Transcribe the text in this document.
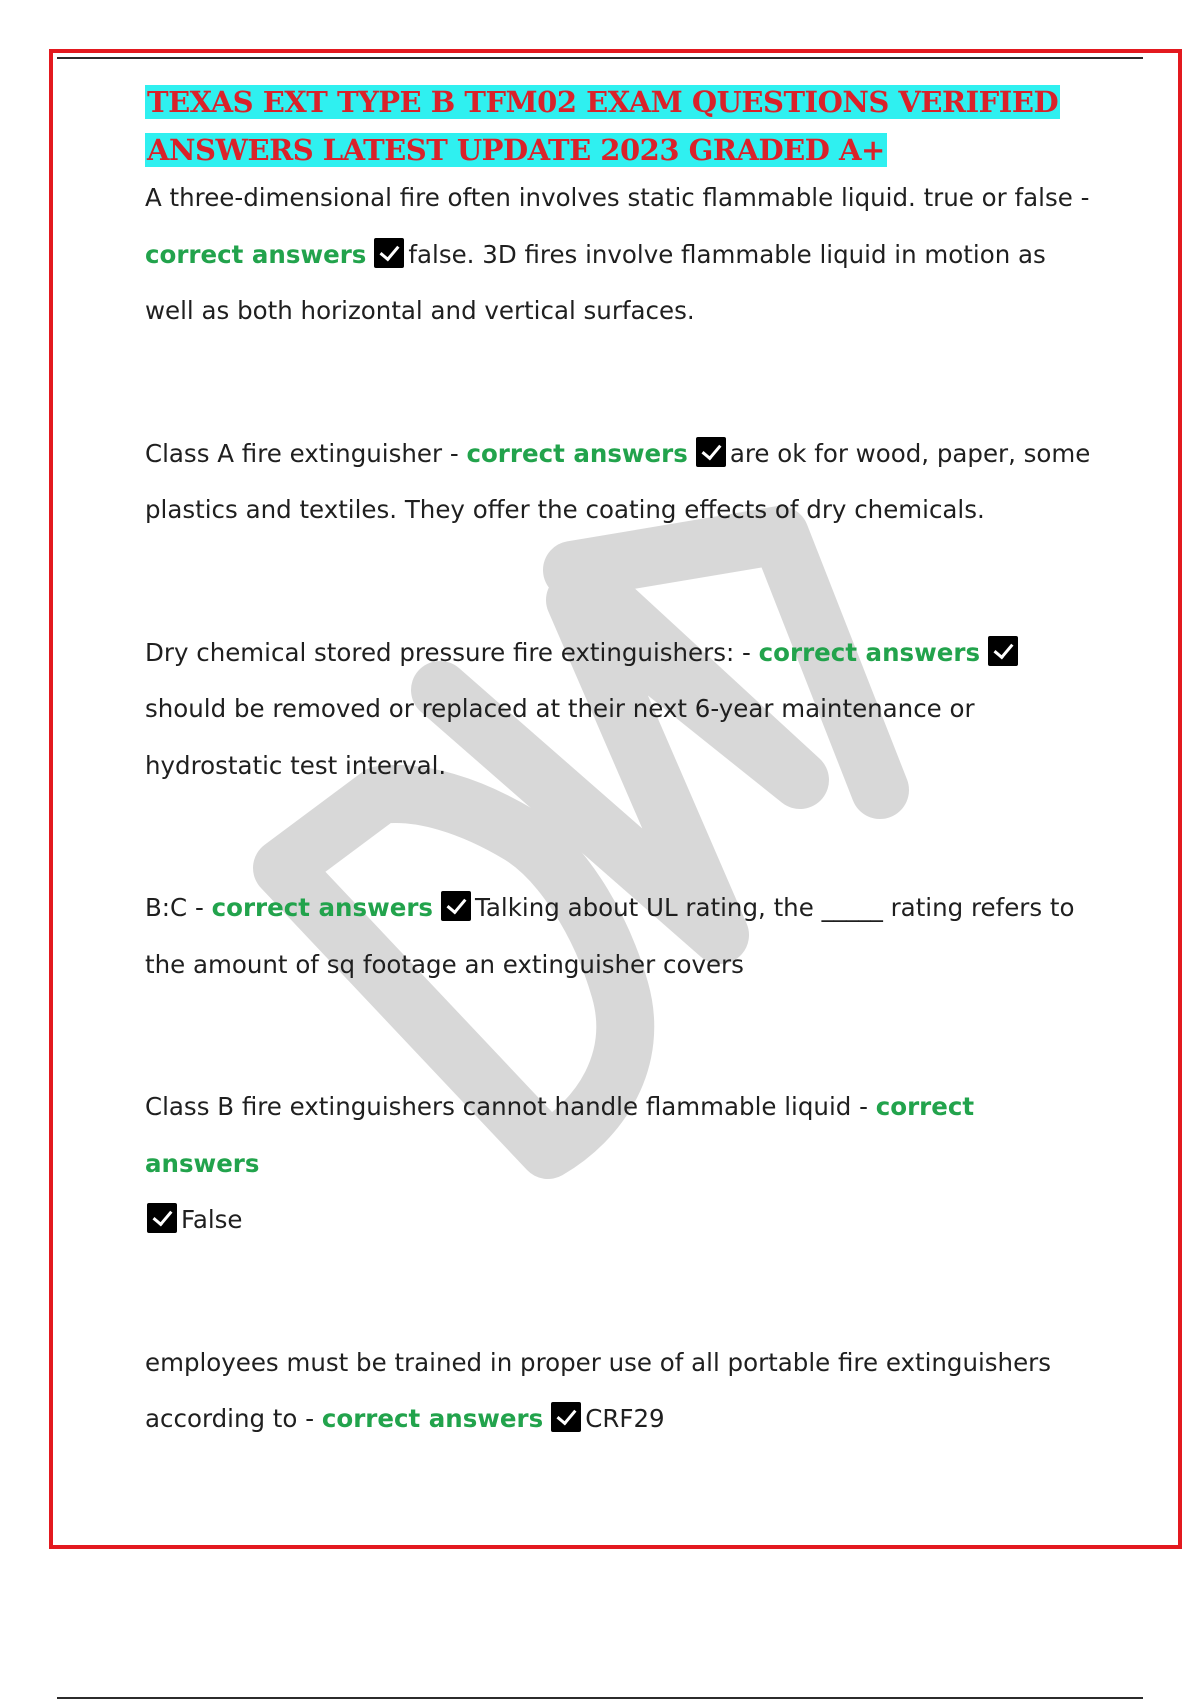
TEXAS EXT TYPE B TFM02 EXAM QUESTIONS VERIFIED ANSWERS LATEST UPDATE 2023 GRADED A+
A three-dimensional fire often involves static flammable liquid. true or false -
correct answers false. 3D fires involve flammable liquid in motion as well as both horizontal and vertical surfaces.
Class A fire extinguisher - correct answers are ok for wood, paper, some plastics and textiles. They offer the coating effects of dry chemicals.
Dry chemical stored pressure fire extinguishers: - correct answersshould be removed or replaced at their next 6-year maintenance or hydrostatic test interval.
B:C - correct answers Talking about UL rating, the _____ rating refers to the amount of sq footage an extinguisher covers
Class B fire extinguishers cannot handle flammable liquid - correct answers
False
employees must be trained in proper use of all portable fire extinguishers according to - correct answers CRF29
